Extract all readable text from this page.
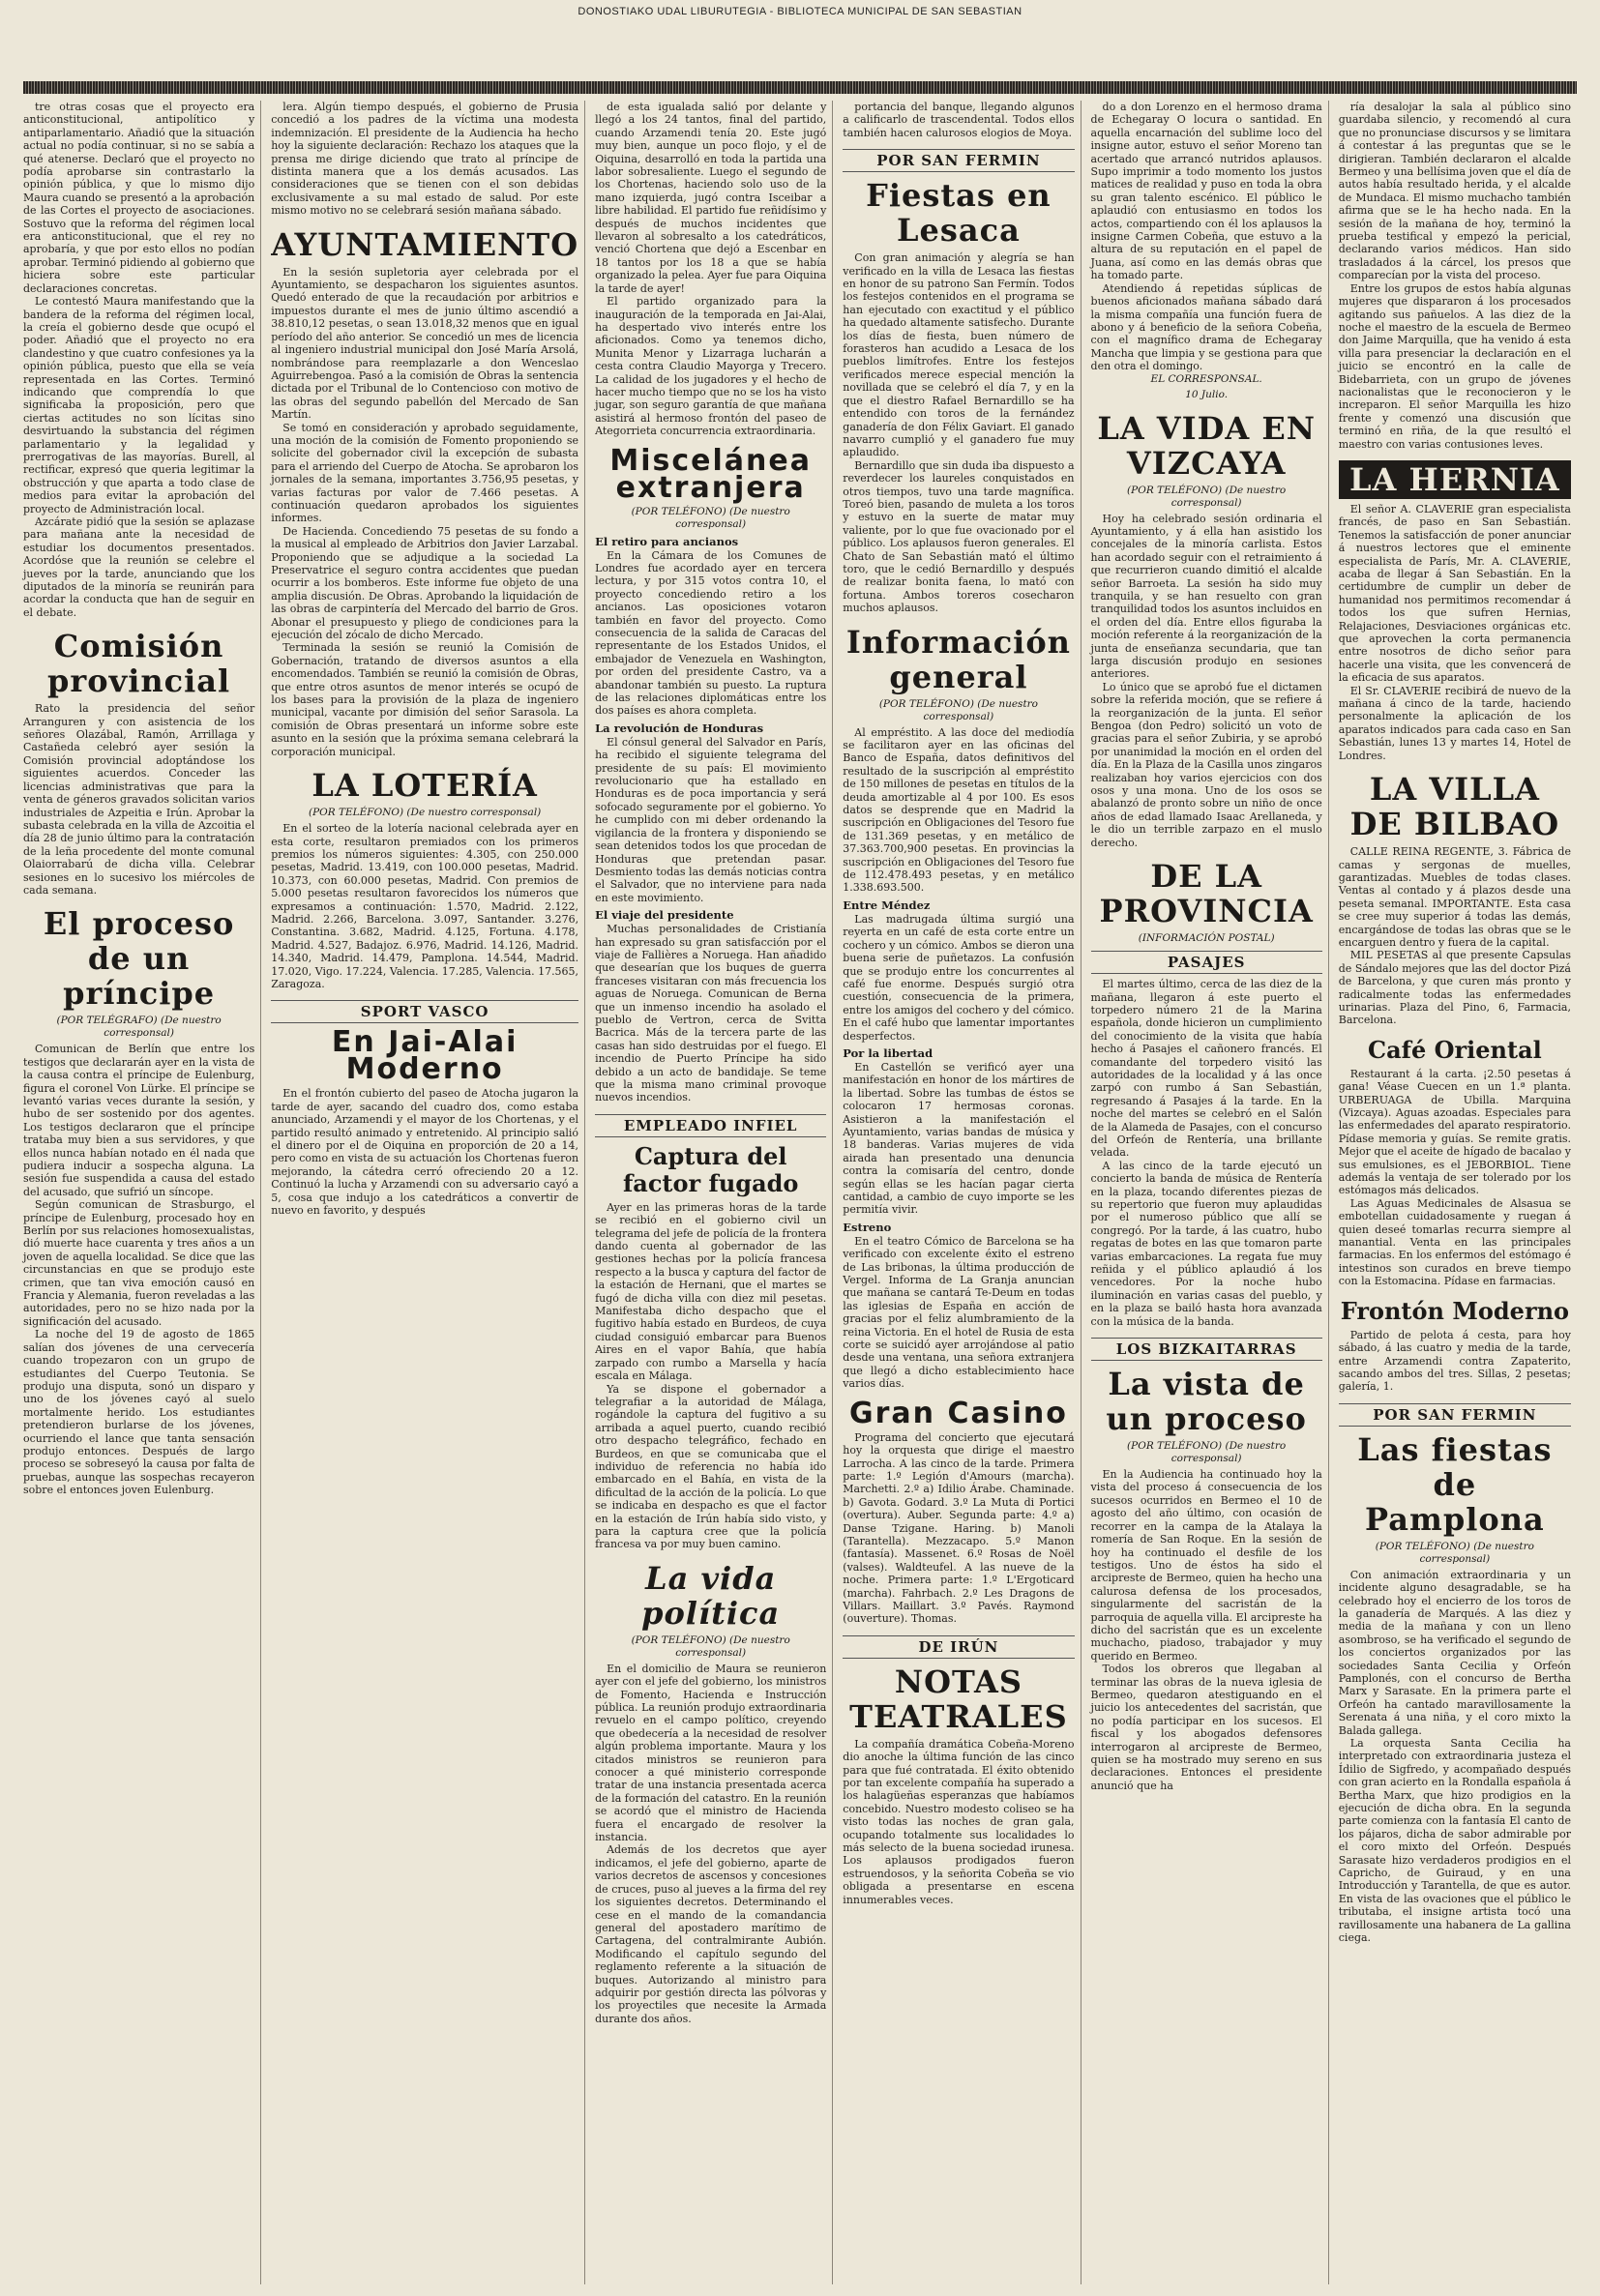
DONOSTIAKO UDAL LIBURUTEGIA - BIBLIOTECA MUNICIPAL DE SAN SEBASTIAN

tre otras cosas que el proyecto era anticonstitucional, antipolítico y antiparlamentario. Añadió que la situación actual no podía continuar, si no se sabía a qué atenerse. Declaró que el proyecto no podía aprobarse sin contrastarlo la opinión pública, y que lo mismo dijo Maura cuando se presentó a la aprobación de las Cortes el proyecto de asociaciones. Sostuvo que la reforma del régimen local era anticonstitucional, que el rey no aprobaría, y que por esto ellos no podían aprobar. Terminó pidiendo al gobierno que hiciera sobre este particular declaraciones concretas.

Le contestó Maura manifestando que la bandera de la reforma del régimen local, la creía el gobierno desde que ocupó el poder. Añadió que el proyecto no era clandestino y que cuatro confesiones ya la opinión pública, puesto que ella se veía representada en las Cortes. Terminó indicando que comprendía lo que significaba la proposición, pero que ciertas actitudes no son lícitas sino desvirtuando la substancia del régimen parlamentario y la legalidad y prerrogativas de las mayorías. Burell, al rectificar, expresó que queria legitimar la obstrucción y que aparta a todo clase de medios para evitar la aprobación del proyecto de Administración local.

Azcárate pidió que la sesión se aplazase para mañana ante la necesidad de estudiar los documentos presentados. Acordóse que la reunión se celebre el jueves por la tarde, anunciando que los diputados de la minoría se reunirán para acordar la conducta que han de seguir en el debate.

Comisión provincial

Rato la presidencia del señor Arranguren y con asistencia de los señores Olazábal, Ramón, Arrillaga y Castañeda celebró ayer sesión la Comisión provincial adoptándose los siguientes acuerdos. Conceder las licencias administrativas que para la venta de géneros gravados solicitan varios industriales de Azpeitia e Irún. Aprobar la subasta celebrada en la villa de Azcoitia el día 28 de junio último para la contratación de la leña procedente del monte comunal Olaiorrabarú de dicha villa. Celebrar sesiones en lo sucesivo los miércoles de cada semana.

El proceso de un príncipe
(POR TELÉGRAFO) (De nuestro corresponsal)

Comunican de Berlín que entre los testigos que declararán ayer en la vista de la causa contra el príncipe de Eulenburg, figura el coronel Von Lürke. El príncipe se levantó varias veces durante la sesión, y hubo de ser sostenido por dos agentes. Los testigos declararon que el príncipe trataba muy bien a sus servidores, y que ellos nunca habían notado en él nada que pudiera inducir a sospecha alguna. La sesión fue suspendida a causa del estado del acusado, que sufrió un síncope.

Según comunican de Strasburgo, el príncipe de Eulenburg, procesado hoy en Berlín por sus relaciones homosexualistas, dió muerte hace cuarenta y tres años a un joven de aquella localidad. Se dice que las circunstancias en que se produjo este crimen, que tan viva emoción causó en Francia y Alemania, fueron reveladas a las autoridades, pero no se hizo nada por la significación del acusado.

La noche del 19 de agosto de 1865 salían dos jóvenes de una cervecería cuando tropezaron con un grupo de estudiantes del Cuerpo Teutonia. Se produjo una disputa, sonó un disparo y uno de los jóvenes cayó al suelo mortalmente herido. Los estudiantes pretendieron burlarse de los jóvenes, ocurriendo el lance que tanta sensación produjo entonces. Después de largo proceso se sobreseyó la causa por falta de pruebas, aunque las sospechas recayeron sobre el entonces joven Eulenburg.

lera. Algún tiempo después, el gobierno de Prusia concedió a los padres de la víctima una modesta indemnización. El presidente de la Audiencia ha hecho hoy la siguiente declaración: Rechazo los ataques que la prensa me dirige diciendo que trato al príncipe de distinta manera que a los demás acusados. Las consideraciones que se tienen con el son debidas exclusivamente a su mal estado de salud. Por este mismo motivo no se celebrará sesión mañana sábado.

AYUNTAMIENTO

En la sesión supletoria ayer celebrada por el Ayuntamiento, se despacharon los siguientes asuntos. Quedó enterado de que la recaudación por arbitrios e impuestos durante el mes de junio último ascendió a 38.810,12 pesetas, o sean 13.018,32 menos que en igual período del año anterior. Se concedió un mes de licencia al ingeniero industrial municipal don José María Arsolá, nombrándose para reemplazarle a don Wenceslao Aguirrebengoa. Pasó a la comisión de Obras la sentencia dictada por el Tribunal de lo Contencioso con motivo de las obras del segundo pabellón del Mercado de San Martín.

Se tomó en consideración y aprobado seguidamente, una moción de la comisión de Fomento proponiendo se solicite del gobernador civil la excepción de subasta para el arriendo del Cuerpo de Atocha. Se aprobaron los jornales de la semana, importantes 3.756,95 pesetas, y varias facturas por valor de 7.466 pesetas. A continuación quedaron aprobados los siguientes informes.

De Hacienda. Concediendo 75 pesetas de su fondo a la musical al empleado de Arbitrios don Javier Larzabal. Proponiendo que se adjudique a la sociedad La Preservatrice el seguro contra accidentes que puedan ocurrir a los bomberos. Este informe fue objeto de una amplia discusión. De Obras. Aprobando la liquidación de las obras de carpintería del Mercado del barrio de Gros. Abonar el presupuesto y pliego de condiciones para la ejecución del zócalo de dicho Mercado.

Terminada la sesión se reunió la Comisión de Gobernación, tratando de diversos asuntos a ella encomendados. También se reunió la comisión de Obras, que entre otros asuntos de menor interés se ocupó de los bases para la provisión de la plaza de ingeniero municipal, vacante por dimisión del señor Sarasola. La comisión de Obras presentará un informe sobre este asunto en la sesión que la próxima semana celebrará la corporación municipal.

LA LOTERÍA
(POR TELÉFONO) (De nuestro corresponsal)

En el sorteo de la lotería nacional celebrada ayer en esta corte, resultaron premiados con los primeros premios los números siguientes: 4.305, con 250.000 pesetas, Madrid. 13.419, con 100.000 pesetas, Madrid. 10.373, con 60.000 pesetas, Madrid. Con premios de 5.000 pesetas resultaron favorecidos los números que expresamos a continuación: 1.570, Madrid. 2.122, Madrid. 2.266, Barcelona. 3.097, Santander. 3.276, Constantina. 3.682, Madrid. 4.125, Fortuna. 4.178, Madrid. 4.527, Badajoz. 6.976, Madrid. 14.126, Madrid. 14.340, Madrid. 14.479, Pamplona. 14.544, Madrid. 17.020, Vigo. 17.224, Valencia. 17.285, Valencia. 17.565, Zaragoza.

SPORT VASCO
En Jai-Alai Moderno

En el frontón cubierto del paseo de Atocha jugaron la tarde de ayer, sacando del cuadro dos, como estaba anunciado, Arzamendi y el mayor de los Chortenas, y el partido resultó animado y entretenido. Al principio salió el dinero por el de Oiquina en proporción de 20 a 14, pero como en vista de su actuación los Chortenas fueron mejorando, la cátedra cerró ofreciendo 20 a 12. Continuó la lucha y Arzamendi con su adversario cayó a 5, cosa que indujo a los catedráticos a convertir de nuevo en favorito, y después

de esta igualada salió por delante y llegó a los 24 tantos, final del partido, cuando Arzamendi tenía 20. Este jugó muy bien, aunque un poco flojo, y el de Oiquina, desarrolló en toda la partida una labor sobresaliente. Luego el segundo de los Chortenas, haciendo solo uso de la mano izquierda, jugó contra Isceibar a libre habilidad. El partido fue reñidísimo y después de muchos incidentes que llevaron al sobresalto a los catedráticos, venció Chortena que dejó a Escenbar en 18 tantos por los 18 a que se había organizado la pelea. Ayer fue para Oiquina la tarde de ayer!

El partido organizado para la inauguración de la temporada en Jai-Alai, ha despertado vivo interés entre los aficionados. Como ya tenemos dicho, Munita Menor y Lizarraga lucharán a cesta contra Claudio Mayorga y Trecero. La calidad de los jugadores y el hecho de hacer mucho tiempo que no se los ha visto jugar, son seguro garantía de que mañana asistirá al hermoso frontón del paseo de Ategorrieta concurrencia extraordinaria.

Miscelánea extranjera
(POR TELÉFONO) (De nuestro corresponsal)
El retiro para ancianos

En la Cámara de los Comunes de Londres fue acordado ayer en tercera lectura, y por 315 votos contra 10, el proyecto concediendo retiro a los ancianos. Las oposiciones votaron también en favor del proyecto. Como consecuencia de la salida de Caracas del representante de los Estados Unidos, el embajador de Venezuela en Washington, por orden del presidente Castro, va a abandonar también su puesto. La ruptura de las relaciones diplomáticas entre los dos países es ahora completa.

La revolución de Honduras

El cónsul general del Salvador en París, ha recibido el siguiente telegrama del presidente de su país: El movimiento revolucionario que ha estallado en Honduras es de poca importancia y será sofocado seguramente por el gobierno. Yo he cumplido con mi deber ordenando la vigilancia de la frontera y disponiendo se sean detenidos todos los que procedan de Honduras que pretendan pasar. Desmiento todas las demás noticias contra el Salvador, que no interviene para nada en este movimiento.

El viaje del presidente

Muchas personalidades de Cristianía han expresado su gran satisfacción por el viaje de Fallières a Noruega. Han añadido que desearían que los buques de guerra franceses visitaran con más frecuencia los aguas de Noruega. Comunican de Berna que un inmenso incendio ha asolado el pueblo de Vertron, cerca de Svitta Bacrica. Más de la tercera parte de las casas han sido destruidas por el fuego. El incendio de Puerto Príncipe ha sido debido a un acto de bandidaje. Se teme que la misma mano criminal provoque nuevos incendios.

EMPLEADO INFIEL
Captura del factor fugado

Ayer en las primeras horas de la tarde se recibió en el gobierno civil un telegrama del jefe de policía de la frontera dando cuenta al gobernador de las gestiones hechas por la policía francesa respecto a la busca y captura del factor de la estación de Hernani, que el martes se fugó de dicha villa con diez mil pesetas. Manifestaba dicho despacho que el fugitivo había estado en Burdeos, de cuya ciudad consiguió embarcar para Buenos Aires en el vapor Bahía, que había zarpado con rumbo a Marsella y hacía escala en Málaga.

Ya se dispone el gobernador a telegrafiar a la autoridad de Málaga, rogándole la captura del fugitivo a su arribada a aquel puerto, cuando recibió otro despacho telegráfico, fechado en Burdeos, en que se comunicaba que el individuo de referencia no había ido embarcado en el Bahía, en vista de la dificultad de la acción de la policía. Lo que se indicaba en despacho es que el factor en la estación de Irún había sido visto, y para la captura cree que la policía francesa va por muy buen camino.

La vida política
(POR TELÉFONO) (De nuestro corresponsal)

En el domicilio de Maura se reunieron ayer con el jefe del gobierno, los ministros de Fomento, Hacienda e Instrucción pública. La reunión produjo extraordinaria revuelo en el campo político, creyendo que obedecería a la necesidad de resolver algún problema importante. Maura y los citados ministros se reunieron para conocer a qué ministerio corresponde tratar de una instancia presentada acerca de la formación del catastro. En la reunión se acordó que el ministro de Hacienda fuera el encargado de resolver la instancia.

Además de los decretos que ayer indicamos, el jefe del gobierno, aparte de varios decretos de ascensos y concesiones de cruces, puso al jueves a la firma del rey los siguientes decretos. Determinando el cese en el mando de la comandancia general del apostadero marítimo de Cartagena, del contralmirante Aubión. Modificando el capítulo segundo del reglamento referente a la situación de buques. Autorizando al ministro para adquirir por gestión directa las pólvoras y los proyectiles que necesite la Armada durante dos años.

portancia del banque, llegando algunos a calificarlo de trascendental. Todos ellos también hacen calurosos elogios de Moya.

POR SAN FERMIN
Fiestas en Lesaca

Con gran animación y alegría se han verificado en la villa de Lesaca las fiestas en honor de su patrono San Fermín. Todos los festejos contenidos en el programa se han ejecutado con exactitud y el público ha quedado altamente satisfecho. Durante los días de fiesta, buen número de forasteros han acudido a Lesaca de los pueblos limítrofes. Entre los festejos verificados merece especial mención la novillada que se celebró el día 7, y en la que el diestro Rafael Bernardillo se ha entendido con toros de la fernández ganadería de don Félix Gaviart. El ganado navarro cumplió y el ganadero fue muy aplaudido.

Bernardillo que sin duda iba dispuesto a reverdecer los laureles conquistados en otros tiempos, tuvo una tarde magnífica. Toreó bien, pasando de muleta a los toros y estuvo en la suerte de matar muy valiente, por lo que fue ovacionado por el público. Los aplausos fueron generales. El Chato de San Sebastián mató el último toro, que le cedió Bernardillo y después de realizar bonita faena, lo mató con fortuna. Ambos toreros cosecharon muchos aplausos.

Información general
(POR TELÉFONO) (De nuestro corresponsal)

Al empréstito. A las doce del mediodía se facilitaron ayer en las oficinas del Banco de España, datos definitivos del resultado de la suscripción al empréstito de 150 millones de pesetas en títulos de la deuda amortizable al 4 por 100. Es esos datos se desprende que en Madrid la suscripción en Obligaciones del Tesoro fue de 131.369 pesetas, y en metálico de 37.363.700,900 pesetas. En provincias la suscripción en Obligaciones del Tesoro fue de 112.478.493 pesetas, y en metálico 1.338.693.500.

Entre Méndez

Las madrugada última surgió una reyerta en un café de esta corte entre un cochero y un cómico. Ambos se dieron una buena serie de puñetazos. La confusión que se produjo entre los concurrentes al café fue enorme. Después surgió otra cuestión, consecuencia de la primera, entre los amigos del cochero y del cómico. En el café hubo que lamentar importantes desperfectos.

Por la libertad

En Castellón se verificó ayer una manifestación en honor de los mártires de la libertad. Sobre las tumbas de éstos se colocaron 17 hermosas coronas. Asistieron a la manifestación el Ayuntamiento, varias bandas de música y 18 banderas. Varias mujeres de vida airada han presentado una denuncia contra la comisaría del centro, donde según ellas se les hacían pagar cierta cantidad, a cambio de cuyo importe se les permitía vivir.

Estreno

En el teatro Cómico de Barcelona se ha verificado con excelente éxito el estreno de Las bribonas, la última producción de Vergel. Informa de La Granja anuncian que mañana se cantará Te-Deum en todas las iglesias de España en acción de gracias por el feliz alumbramiento de la reina Victoria. En el hotel de Rusia de esta corte se suicidó ayer arrojándose al patio desde una ventana, una señora extranjera que llegó a dicho establecimiento hace varios días.

Gran Casino

Programa del concierto que ejecutará hoy la orquesta que dirige el maestro Larrocha. A las cinco de la tarde. Primera parte: 1.º Legión d'Amours (marcha). Marchetti. 2.º a) Idilio Árabe. Chaminade. b) Gavota. Godard. 3.º La Muta di Portici (overtura). Auber. Segunda parte: 4.º a) Danse Tzigane. Haring. b) Manoli (Tarantella). Mezzacapo. 5.º Manon (fantasía). Massenet. 6.º Rosas de Noël (valses). Waldteufel. A las nueve de la noche. Primera parte: 1.º L'Ergoticard (marcha). Fahrbach. 2.º Les Dragons de Villars. Maillart. 3.º Pavés. Raymond (ouverture). Thomas.

DE IRÚN
NOTAS TEATRALES

La compañía dramática Cobeña-Moreno dio anoche la última función de las cinco para que fué contratada. El éxito obtenido por tan excelente compañía ha superado a los halagüeñas esperanzas que habíamos concebido. Nuestro modesto coliseo se ha visto todas las noches de gran gala, ocupando totalmente sus localidades lo más selecto de la buena sociedad irunesa. Los aplausos prodigados fueron estruendosos, y la señorita Cobeña se vio obligada a presentarse en escena innumerables veces.

do a don Lorenzo en el hermoso drama de Echegaray O locura o santidad. En aquella encarnación del sublime loco del insigne autor, estuvo el señor Moreno tan acertado que arrancó nutridos aplausos. Supo imprimir a todo momento los justos matices de realidad y puso en toda la obra su gran talento escénico. El público le aplaudió con entusiasmo en todos los actos, compartiendo con él los aplausos la insigne Carmen Cobeña, que estuvo a la altura de su reputación en el papel de Juana, así como en las demás obras que ha tomado parte.

Atendiendo á repetidas súplicas de buenos aficionados mañana sábado dará la misma compañía una función fuera de abono y á beneficio de la señora Cobeña, con el magnífico drama de Echegaray Mancha que limpia y se gestiona para que den otra el domingo.

EL CORRESPONSAL.
10 Julio.
LA VIDA EN VIZCAYA
(POR TELÉFONO) (De nuestro corresponsal)

Hoy ha celebrado sesión ordinaria el Ayuntamiento, y á ella han asistido los concejales de la minoría carlista. Estos han acordado seguir con el retraimiento á que recurrieron cuando dimitió el alcalde señor Barroeta. La sesión ha sido muy tranquila, y se han resuelto con gran tranquilidad todos los asuntos incluidos en el orden del día. Entre ellos figuraba la moción referente á la reorganización de la junta de enseñanza secundaria, que tan larga discusión produjo en sesiones anteriores.

Lo único que se aprobó fue el dictamen sobre la referida moción, que se refiere á la reorganización de la junta. El señor Bengoa (don Pedro) solicitó un voto de gracias para el señor Zubiria, y se aprobó por unanimidad la moción en el orden del día. En la Plaza de la Casilla unos zingaros realizaban hoy varios ejercicios con dos osos y una mona. Uno de los osos se abalanzó de pronto sobre un niño de once años de edad llamado Isaac Arellaneda, y le dio un terrible zarpazo en el muslo derecho.

DE LA PROVINCIA
(INFORMACIÓN POSTAL)
PASAJES

El martes último, cerca de las diez de la mañana, llegaron á este puerto el torpedero número 21 de la Marina española, donde hicieron un cumplimiento del conocimiento de la visita que había hecho á Pasajes el cañonero francés. El comandante del torpedero visitó las autoridades de la localidad y á las once zarpó con rumbo á San Sebastián, regresando á Pasajes á la tarde. En la noche del martes se celebró en el Salón de la Alameda de Pasajes, con el concurso del Orfeón de Rentería, una brillante velada.

A las cinco de la tarde ejecutó un concierto la banda de música de Rentería en la plaza, tocando diferentes piezas de su repertorio que fueron muy aplaudidas por el numeroso público que allí se congregó. Por la tarde, á las cuatro, hubo regatas de botes en las que tomaron parte varias embarcaciones. La regata fue muy reñida y el público aplaudió á los vencedores. Por la noche hubo iluminación en varias casas del pueblo, y en la plaza se bailó hasta hora avanzada con la música de la banda.

LOS BIZKAITARRAS
La vista de un proceso
(POR TELÉFONO) (De nuestro corresponsal)

En la Audiencia ha continuado hoy la vista del proceso á consecuencia de los sucesos ocurridos en Bermeo el 10 de agosto del año último, con ocasión de recorrer en la campa de la Atalaya la romería de San Roque. En la sesión de hoy ha continuado el desfile de los testigos. Uno de éstos ha sido el arcipreste de Bermeo, quien ha hecho una calurosa defensa de los procesados, singularmente del sacristán de la parroquia de aquella villa. El arcipreste ha dicho del sacristán que es un excelente muchacho, piadoso, trabajador y muy querido en Bermeo.

Todos los obreros que llegaban al terminar las obras de la nueva iglesia de Bermeo, quedaron atestiguando en el juicio los antecedentes del sacristán, que no podía participar en los sucesos. El fiscal y los abogados defensores interrogaron al arcipreste de Bermeo, quien se ha mostrado muy sereno en sus declaraciones. Entonces el presidente anunció que ha

ría desalojar la sala al público sino guardaba silencio, y recomendó al cura que no pronunciase discursos y se limitara á contestar á las preguntas que se le dirigieran. También declararon el alcalde Bermeo y una bellísima joven que el día de autos había resultado herida, y el alcalde de Mundaca. El mismo muchacho también afirma que se le ha hecho nada. En la sesión de la mañana de hoy, terminó la prueba testifical y empezó la pericial, declarando varios médicos. Han sido trasladados á la cárcel, los presos que comparecían por la vista del proceso.

Entre los grupos de estos había algunas mujeres que dispararon á los procesados agitando sus pañuelos. A las diez de la noche el maestro de la escuela de Bermeo don Jaime Marquilla, que ha venido á esta villa para presenciar la declaración en el juicio se encontró en la calle de Bidebarrieta, con un grupo de jóvenes nacionalistas que le reconocieron y le increparon. El señor Marquilla les hizo frente y comenzó una discusión que terminó en riña, de la que resultó el maestro con varias contusiones leves.

LA HERNIA

El señor A. CLAVERIE gran especialista francés, de paso en San Sebastián. Tenemos la satisfacción de poner anunciar á nuestros lectores que el eminente especialista de París, Mr. A. CLAVERIE, acaba de llegar á San Sebastián. En la certidumbre de cumplir un deber de humanidad nos permitimos recomendar á todos los que sufren Hernias, Relajaciones, Desviaciones orgánicas etc. que aprovechen la corta permanencia entre nosotros de dicho señor para hacerle una visita, que les convencerá de la eficacia de sus aparatos.

El Sr. CLAVERIE recibirá de nuevo de la mañana á cinco de la tarde, haciendo personalmente la aplicación de los aparatos indicados para cada caso en San Sebastián, lunes 13 y martes 14, Hotel de Londres.

LA VILLA DE BILBAO

CALLE REINA REGENTE, 3. Fábrica de camas y sergonas de muelles, garantizadas. Muebles de todas clases. Ventas al contado y á plazos desde una peseta semanal. IMPORTANTE. Esta casa se cree muy superior á todas las demás, encargándose de todas las obras que se le encarguen dentro y fuera de la capital.

MIL PESETAS al que presente Capsulas de Sándalo mejores que las del doctor Pizá de Barcelona, y que curen más pronto y radicalmente todas las enfermedades urinarias. Plaza del Pino, 6, Farmacia, Barcelona.

Café Oriental

Restaurant á la carta. ¡2.50 pesetas á gana! Véase Cuecen en un 1.ª planta. URBERUAGA de Ubilla. Marquina (Vizcaya). Aguas azoadas. Especiales para las enfermedades del aparato respiratorio. Pídase memoria y guías. Se remite gratis. Mejor que el aceite de hígado de bacalao y sus emulsiones, es el JEBORBIOL. Tiene además la ventaja de ser tolerado por los estómagos más delicados.

Las Aguas Medicinales de Alsasua se embotellan cuidadosamente y ruegan á quien deseé tomarlas recurra siempre al manantial. Venta en las principales farmacias. En los enfermos del estómago é intestinos son curados en breve tiempo con la Estomacina. Pídase en farmacias.

Frontón Moderno

Partido de pelota á cesta, para hoy sábado, á las cuatro y media de la tarde, entre Arzamendi contra Zapaterito, sacando ambos del tres. Sillas, 2 pesetas; galería, 1.

POR SAN FERMIN
Las fiestas de Pamplona
(POR TELÉFONO) (De nuestro corresponsal)

Con animación extraordinaria y un incidente alguno desagradable, se ha celebrado hoy el encierro de los toros de la ganadería de Marqués. A las diez y media de la mañana y con un lleno asombroso, se ha verificado el segundo de los conciertos organizados por las sociedades Santa Cecilia y Orfeón Pamplonés, con el concurso de Bertha Marx y Sarasate. En la primera parte el Orfeón ha cantado maravillosamente la Serenata á una niña, y el coro mixto la Balada gallega.

La orquesta Santa Cecilia ha interpretado con extraordinaria justeza el Ídilio de Sigfredo, y acompañado después con gran acierto en la Rondalla española á Bertha Marx, que hizo prodigios en la ejecución de dicha obra. En la segunda parte comienza con la fantasía El canto de los pájaros, dicha de sabor admirable por el coro mixto del Orfeón. Después Sarasate hizo verdaderos prodigios en el Capricho, de Guiraud, y en una Introducción y Tarantella, de que es autor. En vista de las ovaciones que el público le tributaba, el insigne artista tocó una ravillosamente una habanera de La gallina ciega.
